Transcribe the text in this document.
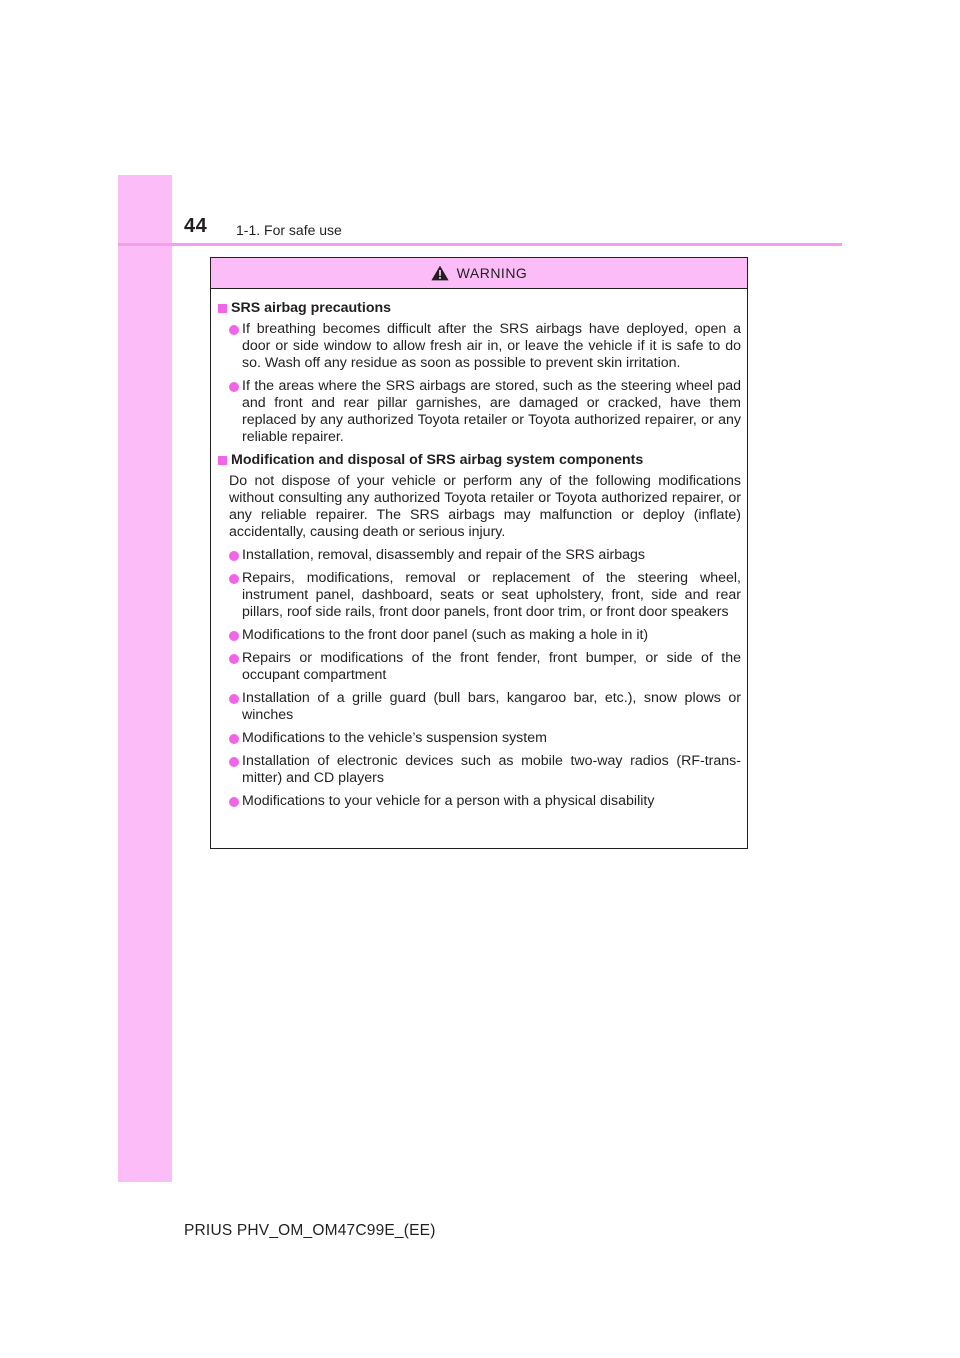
44 1-1. For safe use
WARNING
SRS airbag precautions
If breathing becomes difficult after the SRS airbags have deployed, open a door or side window to allow fresh air in, or leave the vehicle if it is safe to do so. Wash off any residue as soon as possible to prevent skin irritation.
If the areas where the SRS airbags are stored, such as the steering wheel pad and front and rear pillar garnishes, are damaged or cracked, have them replaced by any authorized Toyota retailer or Toyota authorized repairer, or any reliable repairer.
Modification and disposal of SRS airbag system components
Do not dispose of your vehicle or perform any of the following modifications without consulting any authorized Toyota retailer or Toyota authorized repairer, or any reliable repairer. The SRS airbags may malfunction or deploy (inflate) accidentally, causing death or serious injury.
Installation, removal, disassembly and repair of the SRS airbags
Repairs, modifications, removal or replacement of the steering wheel, instrument panel, dashboard, seats or seat upholstery, front, side and rear pillars, roof side rails, front door panels, front door trim, or front door speakers
Modifications to the front door panel (such as making a hole in it)
Repairs or modifications of the front fender, front bumper, or side of the occupant compartment
Installation of a grille guard (bull bars, kangaroo bar, etc.), snow plows or winches
Modifications to the vehicle’s suspension system
Installation of electronic devices such as mobile two-way radios (RF-trans-mitter) and CD players
Modifications to your vehicle for a person with a physical disability
PRIUS PHV_OM_OM47C99E_(EE)
